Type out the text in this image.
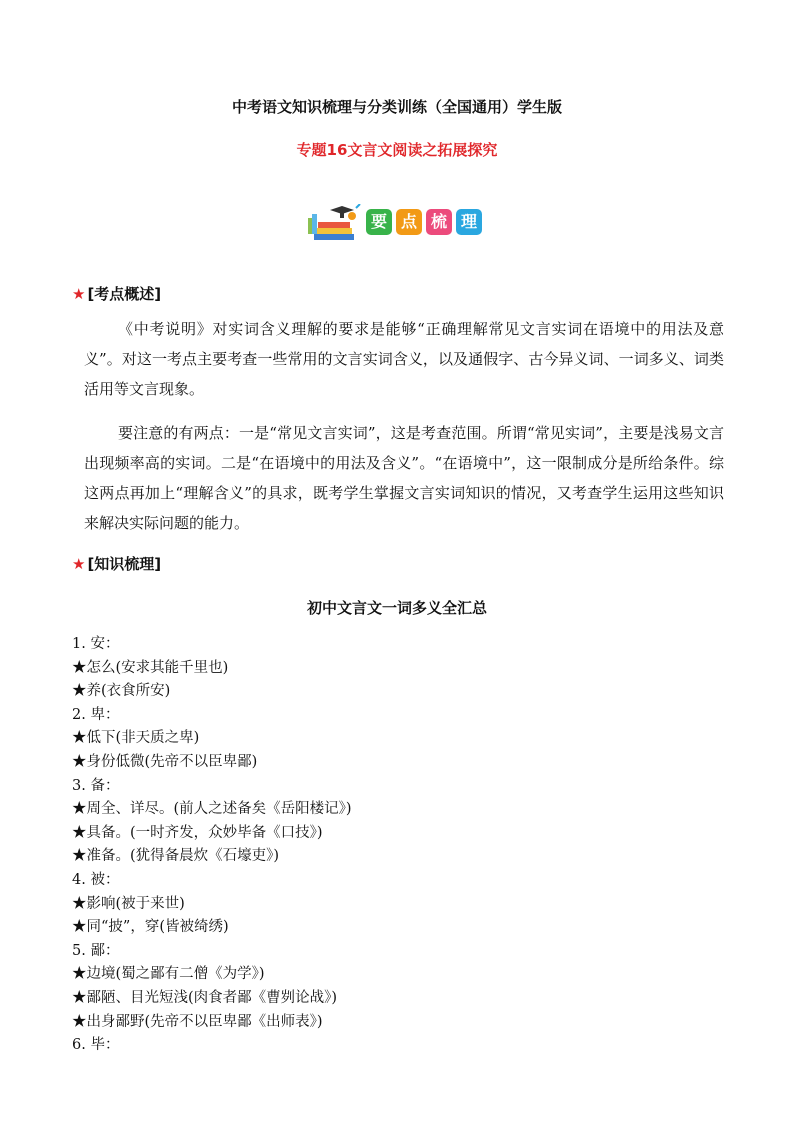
中考语文知识梳理与分类训练（全国通用）学生版
专题16文言文阅读之拓展探究
要 点 梳 理
★ [考点概述]
《中考说明》对实词含义理解的要求是能够“正确理解常见文言实词在语境中的用法及意义”。对这一考点主要考查一些常用的文言实词含义，以及通假字、古今异义词、一词多义、词类活用等文言现象。
要注意的有两点：一是“常见文言实词”，这是考查范围。所谓“常见实词”，主要是浅易文言出现频率高的实词。二是“在语境中的用法及含义”。“在语境中”，这一限制成分是所给条件。综这两点再加上“理解含义”的具求，既考学生掌握文言实词知识的情况，又考查学生运用这些知识来解决实际问题的能力。
★ [知识梳理]
初中文言文一词多义全汇总
1. 安：
★怎么(安求其能千里也)
★养(衣食所安)
2. 卑：
★低下(非天质之卑)
★身份低微(先帝不以臣卑鄙)
3. 备：
★周全、详尽。(前人之述备矣《岳阳楼记》)
★具备。(一时齐发，众妙毕备《口技》)
★准备。(犹得备晨炊《石壕吏》)
4. 被：
★影响(被于来世)
★同“披”，穿(皆被绮绣)
5. 鄙：
★边境(蜀之鄙有二僧《为学》)
★鄙陋、目光短浅(肉食者鄙《曹刿论战》)
★出身鄙野(先帝不以臣卑鄙《出师表》)
6. 毕：
